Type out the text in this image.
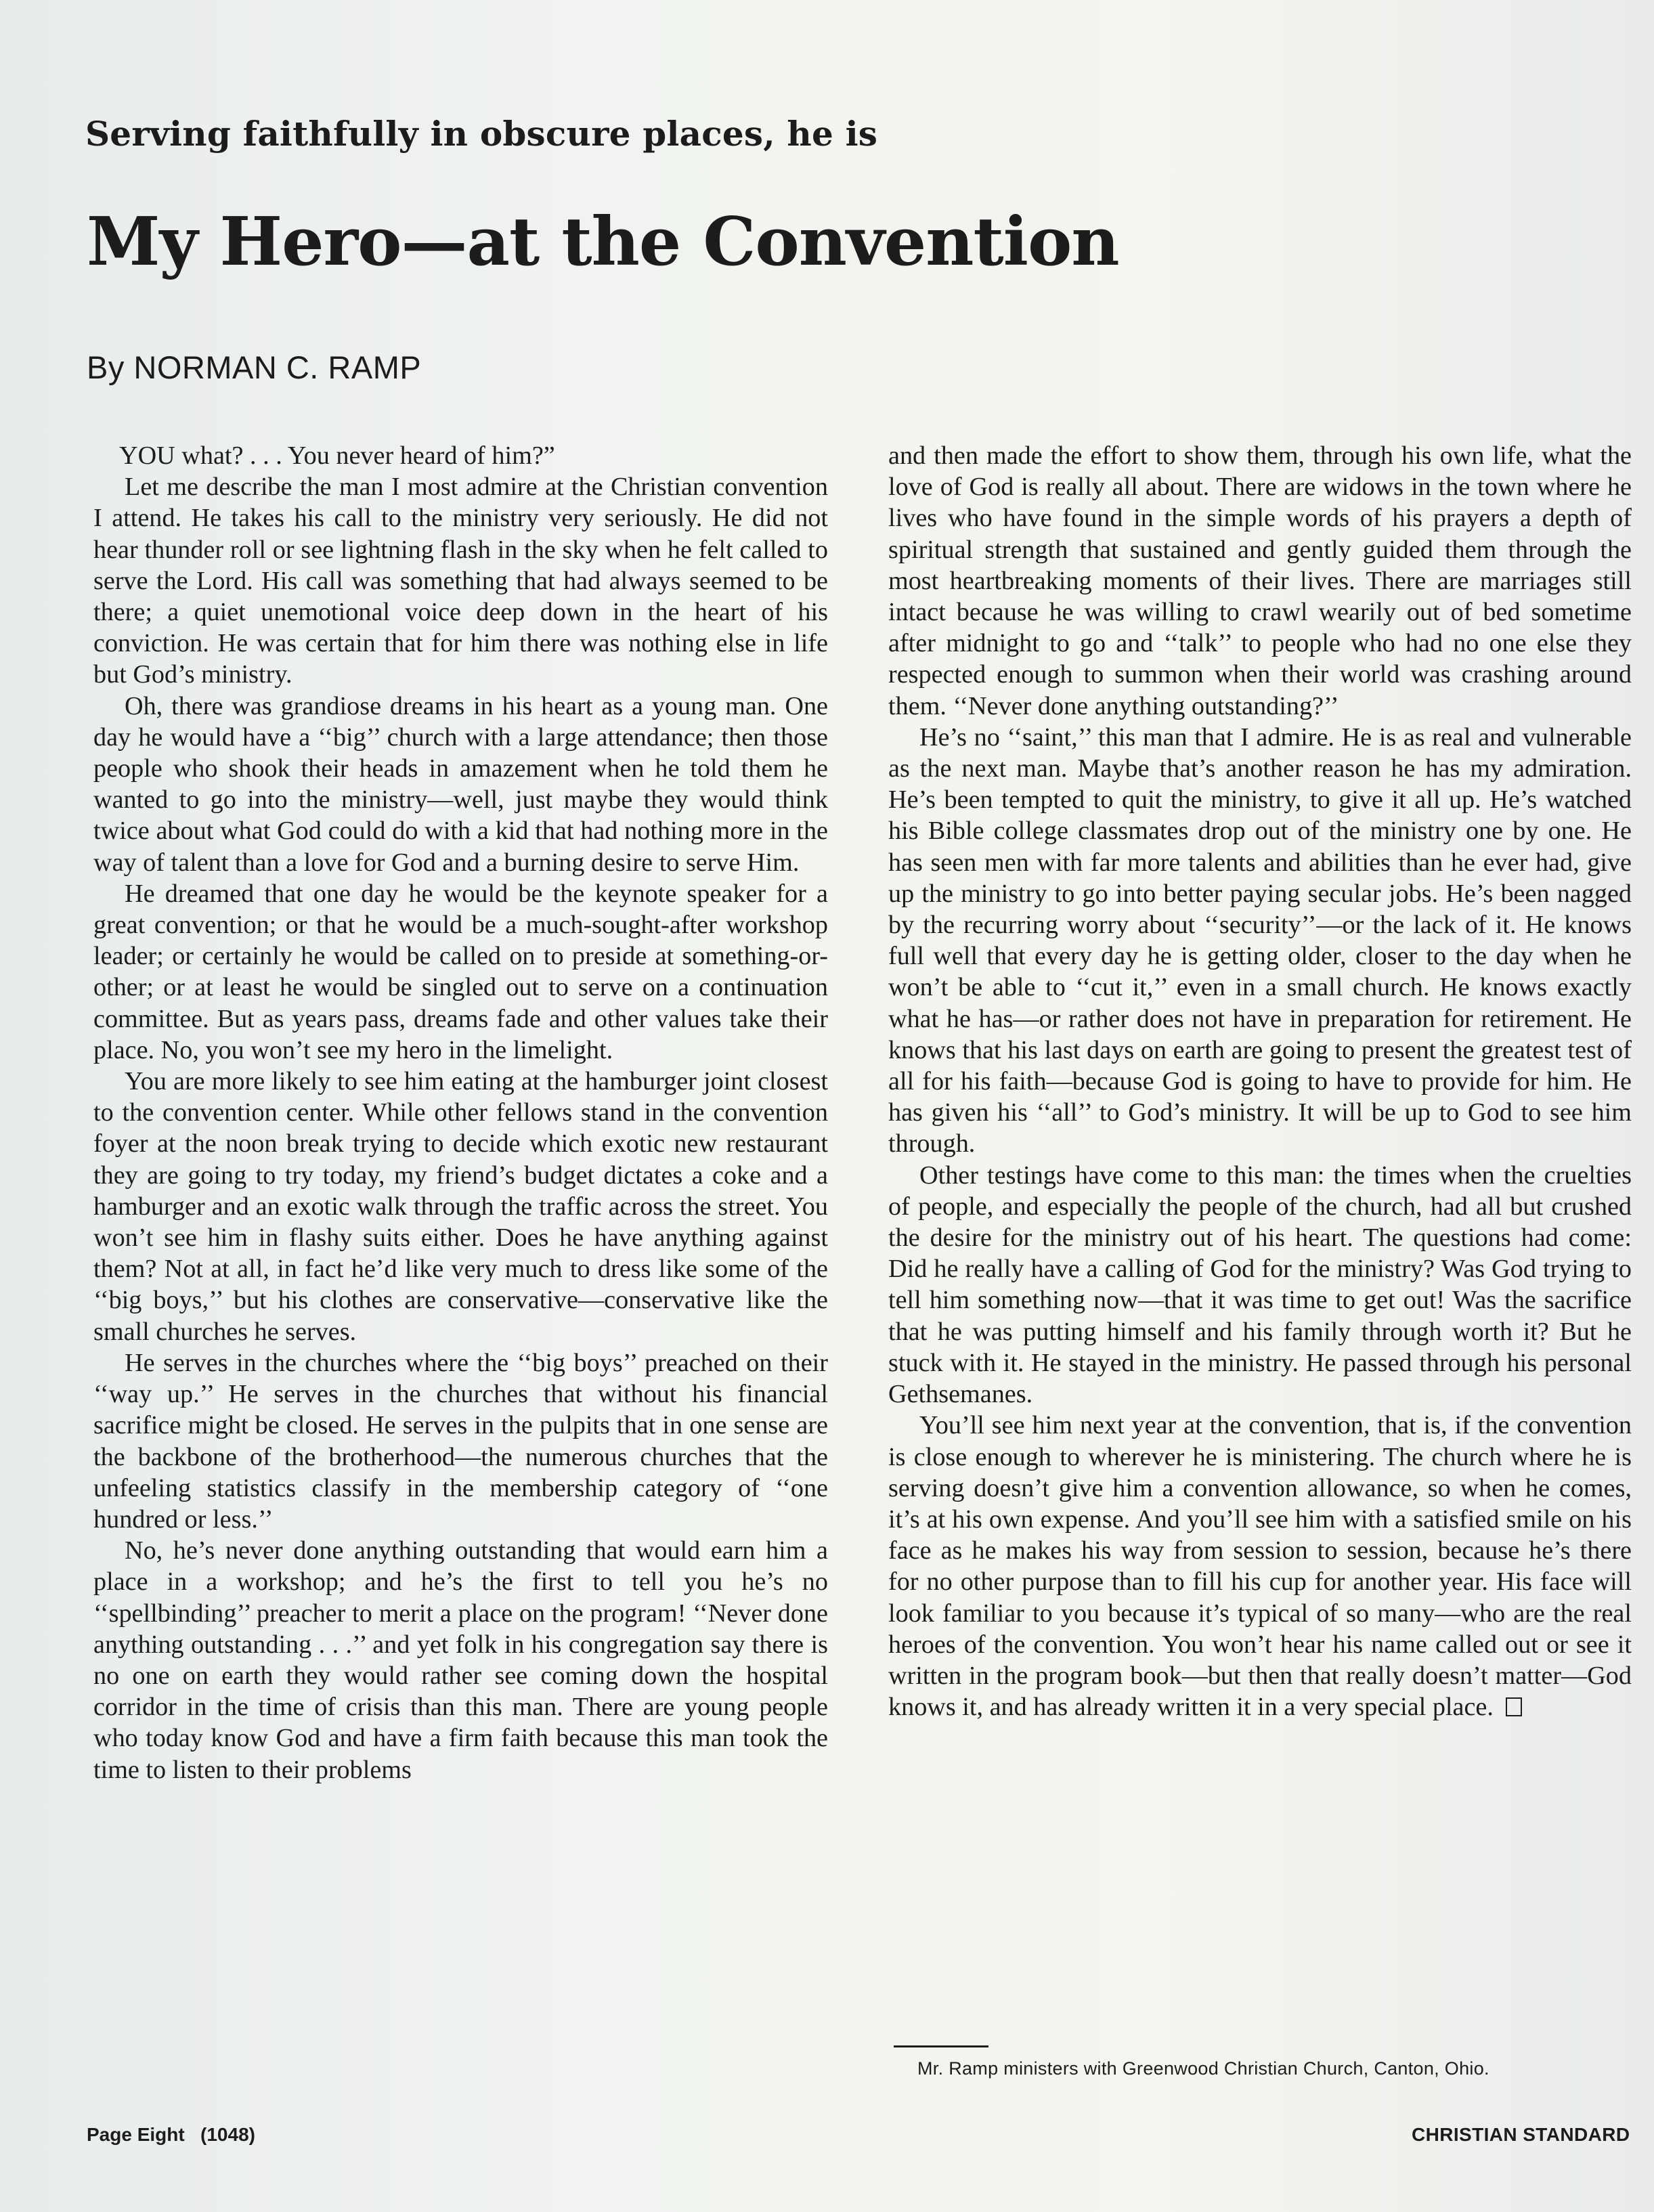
Serving faithfully in obscure places, he is
My Hero—at the Convention
By NORMAN C. RAMP

YOU what? . . . You never heard of him?”

Let me describe the man I most admire at the Christian convention I attend. He takes his call to the ministry very seriously. He did not hear thunder roll or see lightning flash in the sky when he felt called to serve the Lord. His call was something that had always seemed to be there; a quiet unemotional voice deep down in the heart of his conviction. He was certain that for him there was nothing else in life but God’s ministry.

Oh, there was grandiose dreams in his heart as a young man. One day he would have a ‘‘big’’ church with a large attendance; then those people who shook their heads in amazement when he told them he wanted to go into the ministry—well, just maybe they would think twice about what God could do with a kid that had nothing more in the way of talent than a love for God and a burning desire to serve Him.

He dreamed that one day he would be the keynote speaker for a great convention; or that he would be a much-sought-after workshop leader; or certainly he would be called on to preside at something-or-other; or at least he would be singled out to serve on a continuation committee. But as years pass, dreams fade and other values take their place. No, you won’t see my hero in the limelight.

You are more likely to see him eating at the hamburger joint closest to the convention center. While other fellows stand in the convention foyer at the noon break trying to decide which exotic new restaurant they are going to try today, my friend’s budget dictates a coke and a hamburger and an exotic walk through the traffic across the street. You won’t see him in flashy suits either. Does he have anything against them? Not at all, in fact he’d like very much to dress like some of the ‘‘big boys,’’ but his clothes are conservative—conservative like the small churches he serves.

He serves in the churches where the ‘‘big boys’’ preached on their ‘‘way up.’’ He serves in the churches that without his financial sacrifice might be closed. He serves in the pulpits that in one sense are the backbone of the brotherhood—the numerous churches that the unfeeling statistics classify in the membership category of ‘‘one hundred or less.’’

No, he’s never done anything outstanding that would earn him a place in a workshop; and he’s the first to tell you he’s no ‘‘spellbinding’’ preacher to merit a place on the program! ‘‘Never done anything outstanding . . .’’ and yet folk in his congregation say there is no one on earth they would rather see coming down the hospital corridor in the time of crisis than this man. There are young people who today know God and have a firm faith because this man took the time to listen to their problems

and then made the effort to show them, through his own life, what the love of God is really all about. There are widows in the town where he lives who have found in the simple words of his prayers a depth of spiritual strength that sustained and gently guided them through the most heartbreaking moments of their lives. There are marriages still intact because he was willing to crawl wearily out of bed sometime after midnight to go and ‘‘talk’’ to people who had no one else they respected enough to summon when their world was crashing around them. ‘‘Never done anything outstanding?’’

He’s no ‘‘saint,’’ this man that I admire. He is as real and vulnerable as the next man. Maybe that’s another reason he has my admiration. He’s been tempted to quit the ministry, to give it all up. He’s watched his Bible college classmates drop out of the ministry one by one. He has seen men with far more talents and abilities than he ever had, give up the ministry to go into better paying secular jobs. He’s been nagged by the recurring worry about ‘‘security’’—or the lack of it. He knows full well that every day he is getting older, closer to the day when he won’t be able to ‘‘cut it,’’ even in a small church. He knows exactly what he has—or rather does not have in preparation for retirement. He knows that his last days on earth are going to present the greatest test of all for his faith—because God is going to have to provide for him. He has given his ‘‘all’’ to God’s ministry. It will be up to God to see him through.

Other testings have come to this man: the times when the cruelties of people, and especially the people of the church, had all but crushed the desire for the ministry out of his heart. The questions had come: Did he really have a calling of God for the ministry? Was God trying to tell him something now—that it was time to get out! Was the sacrifice that he was putting himself and his family through worth it? But he stuck with it. He stayed in the ministry. He passed through his personal Gethsemanes.

You’ll see him next year at the convention, that is, if the convention is close enough to wherever he is ministering. The church where he is serving doesn’t give him a convention allowance, so when he comes, it’s at his own expense. And you’ll see him with a satisfied smile on his face as he makes his way from session to session, because he’s there for no other purpose than to fill his cup for another year. His face will look familiar to you because it’s typical of so many—who are the real heroes of the convention. You won’t hear his name called out or see it written in the program book—but then that really doesn’t matter—God knows it, and has already written it in a very special place.

Mr. Ramp ministers with Greenwood Christian Church, Canton, Ohio.
Page Eight   (1048)	CHRISTIAN STANDARD
